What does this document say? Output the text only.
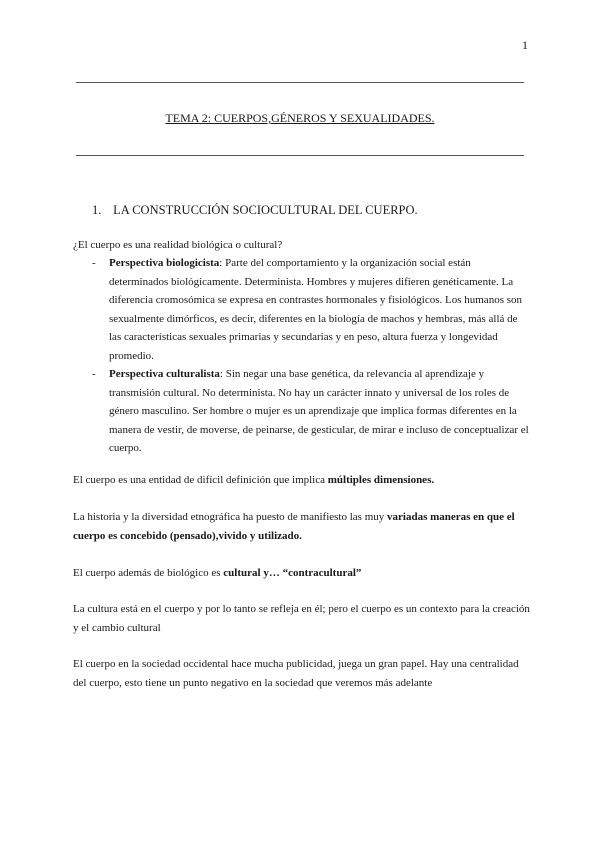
1
TEMA 2: CUERPOS,GÉNEROS Y SEXUALIDADES.
1. LA CONSTRUCCIÓN SOCIOCULTURAL DEL CUERPO.
¿El cuerpo es una realidad biológica o cultural?
- Perspectiva biologicista: Parte del comportamiento y la organización social están determinados biológicamente. Determinista. Hombres y mujeres difieren genéticamente. La diferencia cromosómica se expresa en contrastes hormonales y fisiológicos. Los humanos son sexualmente dimórficos, es decir, diferentes en la biología de machos y hembras, más allá de las características sexuales primarias y secundarias y en peso, altura fuerza y longevidad promedio.
- Perspectiva culturalista: Sin negar una base genética, da relevancia al aprendizaje y transmisión cultural. No determinista. No hay un carácter innato y universal de los roles de género masculino. Ser hombre o mujer es un aprendizaje que implica formas diferentes en la manera de vestir, de moverse, de peinarse, de gesticular, de mirar e incluso de conceptualizar el cuerpo.
El cuerpo es una entidad de difícil definición que implica múltiples dimensiones.
La historia y la diversidad etnográfica ha puesto de manifiesto las muy variadas maneras en que el cuerpo es concebido (pensado),vivido y utilizado.
El cuerpo además de biológico es cultural y… “contracultural”
La cultura está en el cuerpo y por lo tanto se refleja en él; pero el cuerpo es un contexto para la creación y el cambio cultural
El cuerpo en la sociedad occidental hace mucha publicidad, juega un gran papel. Hay una centralidad del cuerpo, esto tiene un punto negativo en la sociedad que veremos más adelante
